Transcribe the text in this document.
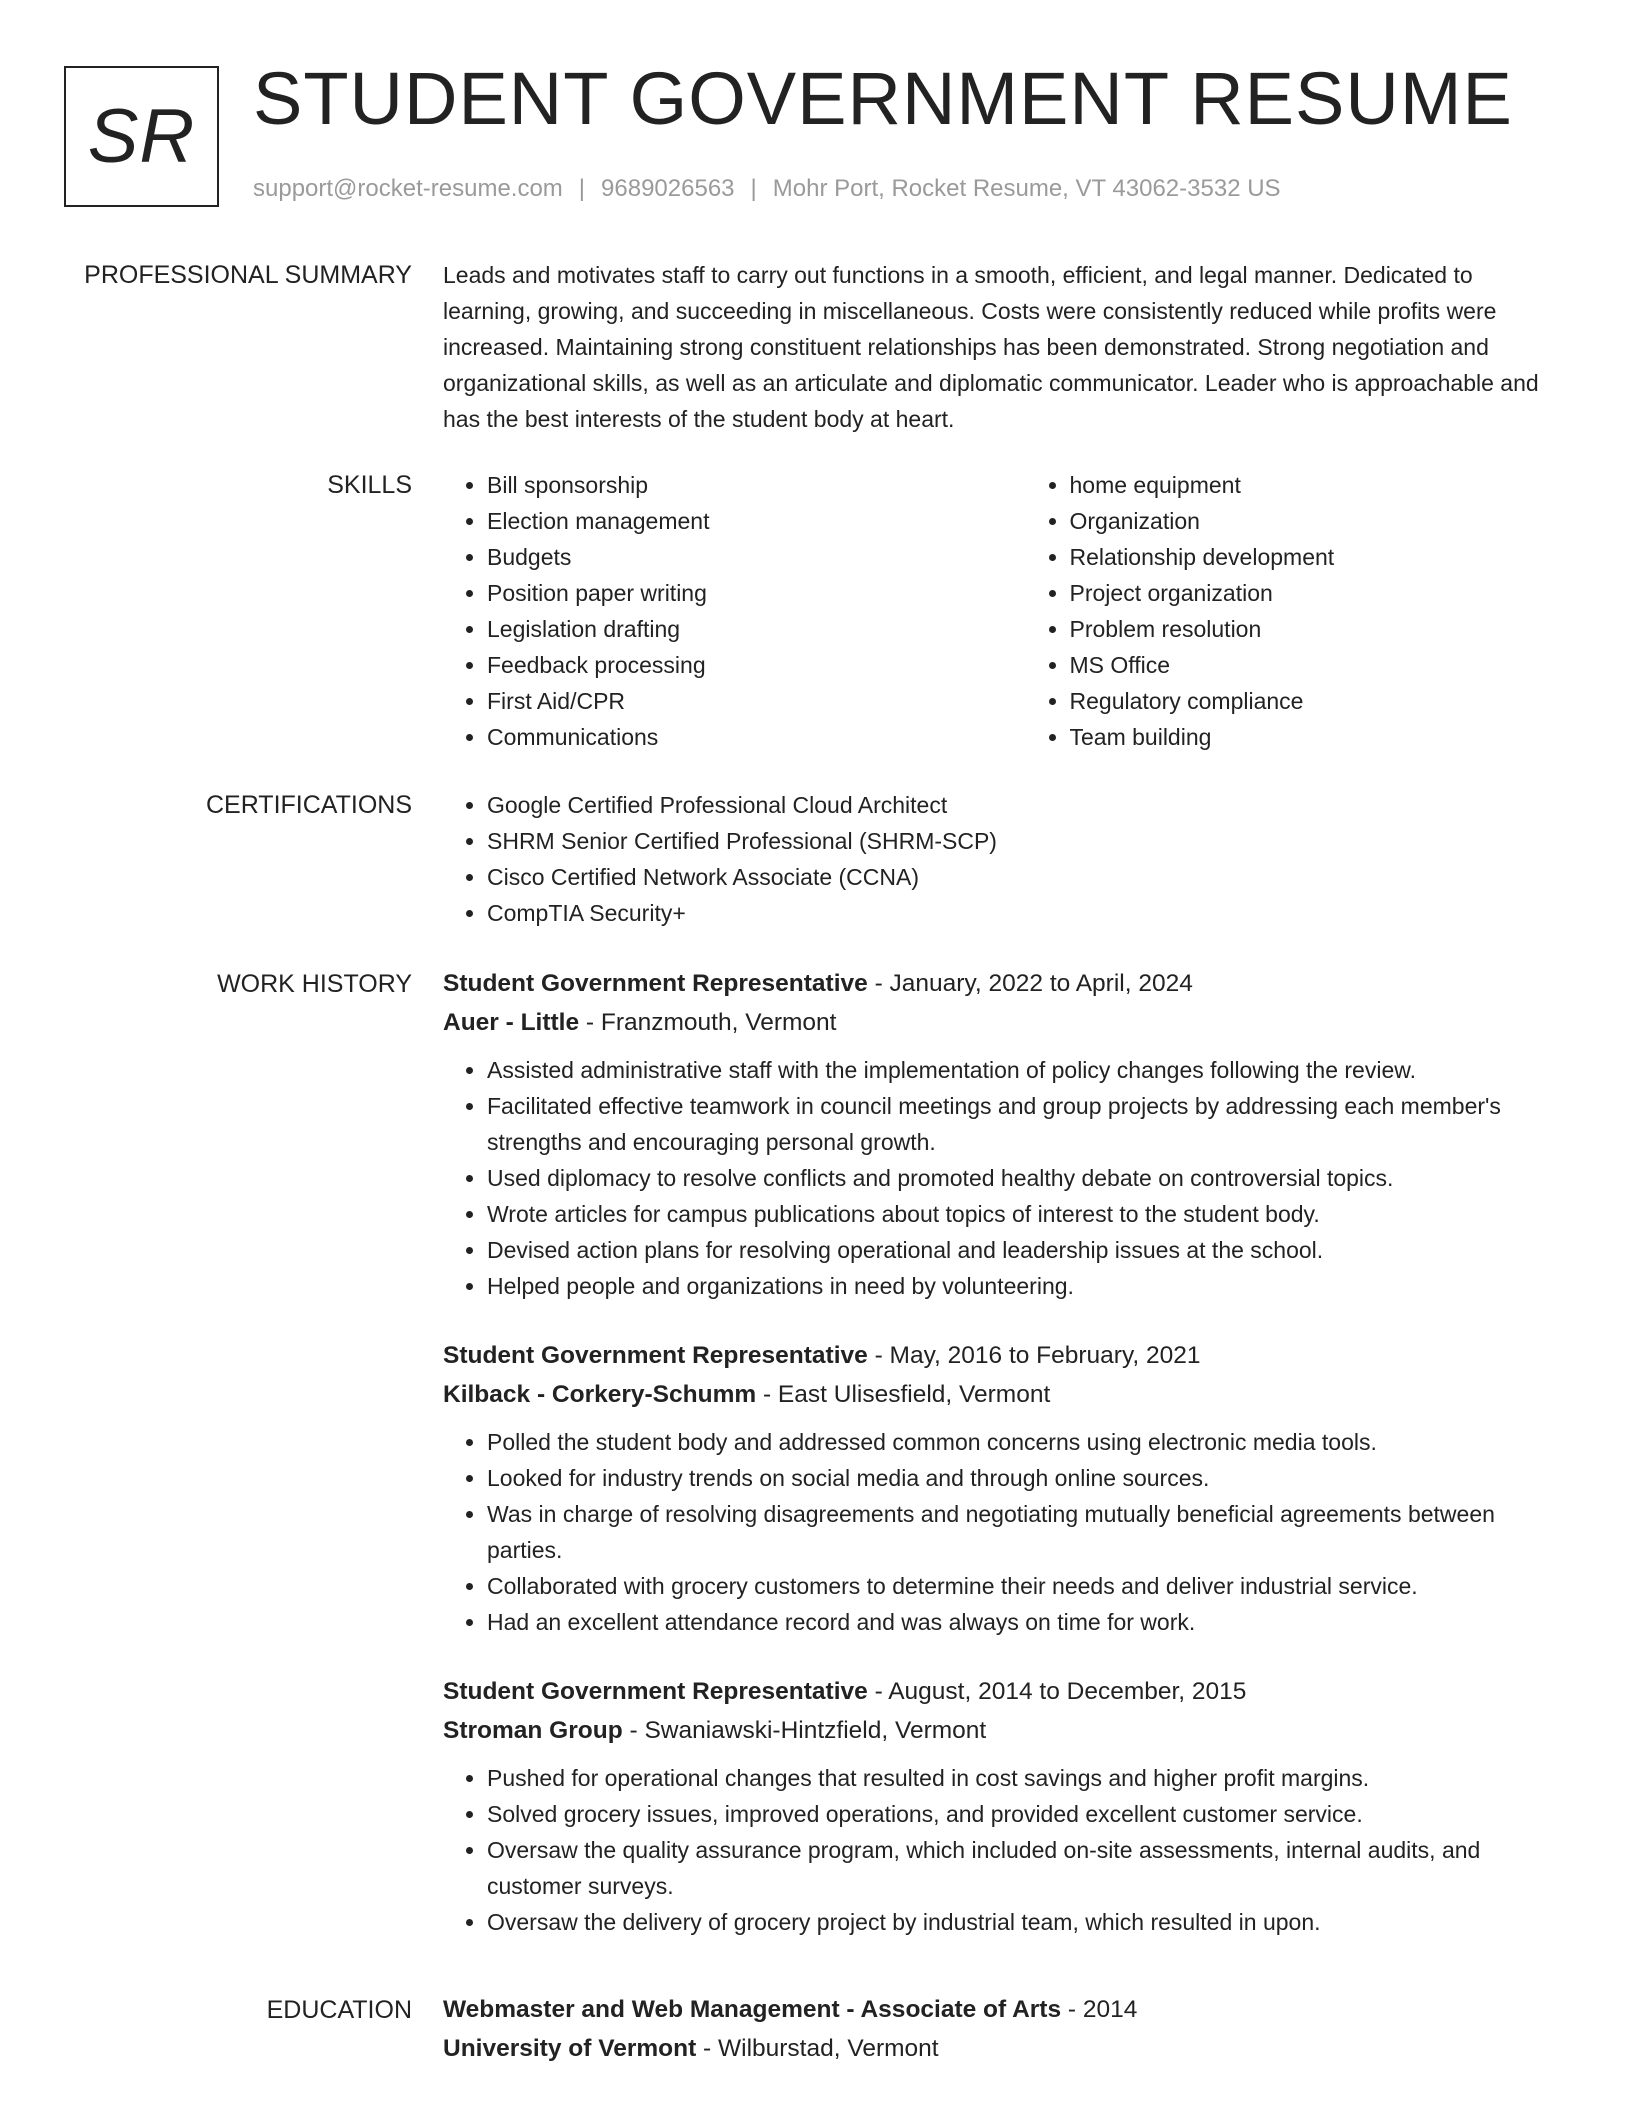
SR STUDENT GOVERNMENT RESUME
support@rocket-resume.com | 9689026563 | Mohr Port, Rocket Resume, VT 43062-3532 US
PROFESSIONAL SUMMARY Leads and motivates staff to carry out functions in a smooth, efficient, and legal manner. Dedicated to learning, growing, and succeeding in miscellaneous. Costs were consistently reduced while profits were increased. Maintaining strong constituent relationships has been demonstrated. Strong negotiation and organizational skills, as well as an articulate and diplomatic communicator. Leader who is approachable and has the best interests of the student body at heart.
SKILLS	• Bill sponsorship
• Election management
• Budgets
• Position paper writing
• Legislation drafting
• Feedback processing
• First Aid/CPR
• Communications
• home equipment
• Organization
• Relationship development
• Project organization
• Problem resolution
• MS Office
• Regulatory compliance
• Team building
CERTIFICATIONS	• Google Certified Professional Cloud Architect
• SHRM Senior Certified Professional (SHRM-SCP)
• Cisco Certified Network Associate (CCNA)
• CompTIA Security+
WORK HISTORY Student Government Representative - January, 2022 to April, 2024
Auer - Little - Franzmouth, Vermont
• Assisted administrative staff with the implementation of policy changes following the review.
• Facilitated effective teamwork in council meetings and group projects by addressing each member's strengths and encouraging personal growth.
• Used diplomacy to resolve conflicts and promoted healthy debate on controversial topics.
• Wrote articles for campus publications about topics of interest to the student body.
• Devised action plans for resolving operational and leadership issues at the school.
• Helped people and organizations in need by volunteering.
Student Government Representative - May, 2016 to February, 2021
Kilback - Corkery-Schumm - East Ulisesfield, Vermont
• Polled the student body and addressed common concerns using electronic media tools.
• Looked for industry trends on social media and through online sources.
• Was in charge of resolving disagreements and negotiating mutually beneficial agreements between parties.
• Collaborated with grocery customers to determine their needs and deliver industrial service.
• Had an excellent attendance record and was always on time for work.
Student Government Representative - August, 2014 to December, 2015
Stroman Group - Swaniawski-Hintzfield, Vermont
• Pushed for operational changes that resulted in cost savings and higher profit margins.
• Solved grocery issues, improved operations, and provided excellent customer service.
• Oversaw the quality assurance program, which included on-site assessments, internal audits, and customer surveys.
• Oversaw the delivery of grocery project by industrial team, which resulted in upon.
EDUCATION Webmaster and Web Management - Associate of Arts - 2014
University of Vermont - Wilburstad, Vermont
